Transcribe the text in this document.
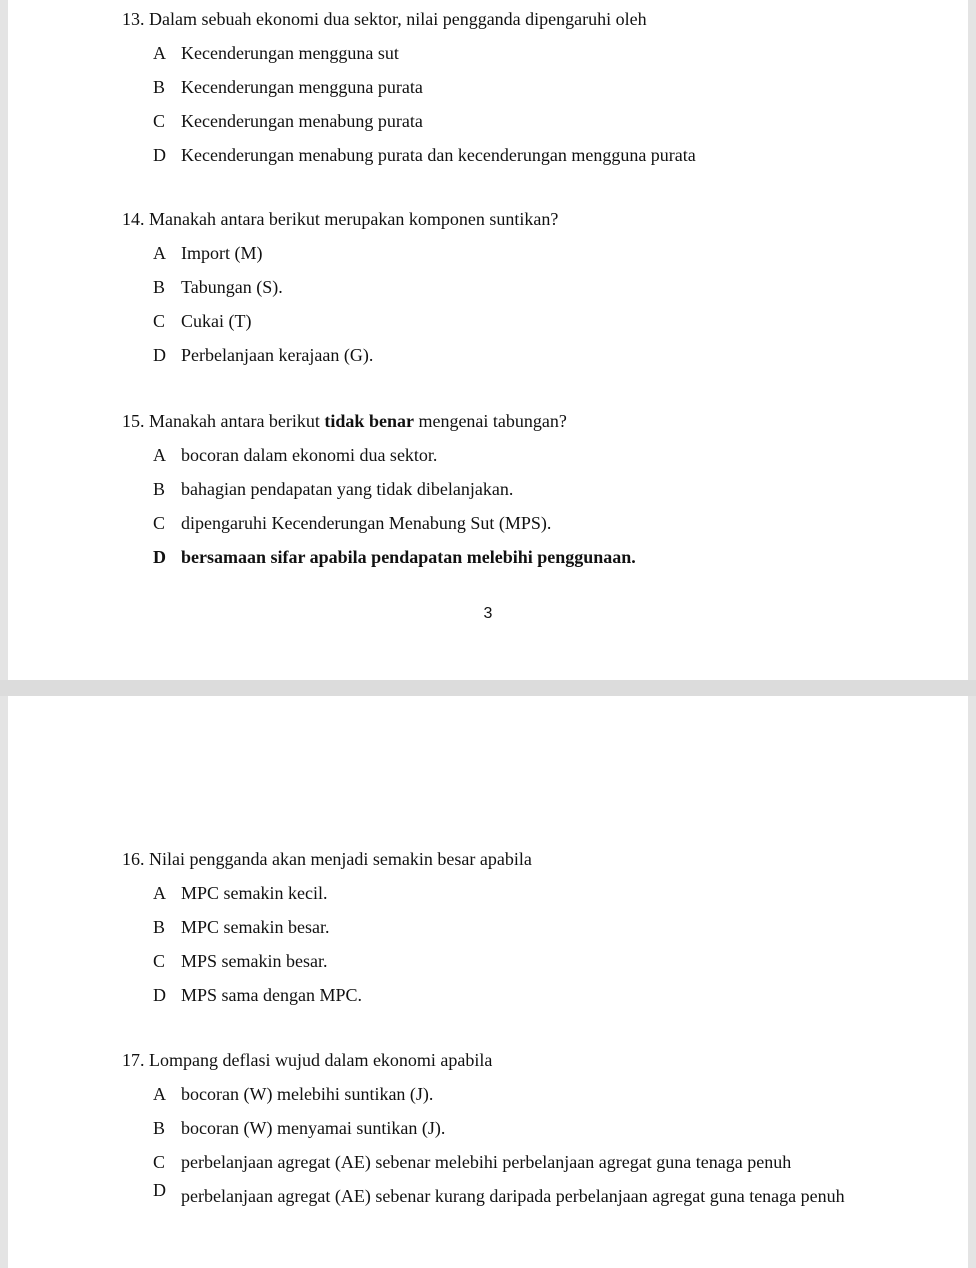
13. Dalam sebuah ekonomi dua sektor, nilai pengganda dipengaruhi oleh

A Kecenderungan mengguna sut
B Kecenderungan mengguna purata
C Kecenderungan menabung purata
D Kecenderungan menabung purata dan kecenderungan mengguna purata

14. Manakah antara berikut merupakan komponen suntikan?

A Import (M)
B Tabungan (S).
C Cukai (T)
D Perbelanjaan kerajaan (G).

15. Manakah antara berikut tidak benar mengenai tabungan?

A bocoran dalam ekonomi dua sektor.
B bahagian pendapatan yang tidak dibelanjakan.
C dipengaruhi Kecenderungan Menabung Sut (MPS).
D bersamaan sifar apabila pendapatan melebihi penggunaan.
3

16. Nilai pengganda akan menjadi semakin besar apabila

A MPC semakin kecil.
B MPC semakin besar.
C MPS semakin besar.
D MPS sama dengan MPC.

17. Lompang deflasi wujud dalam ekonomi apabila

A bocoran (W) melebihi suntikan (J).
B bocoran (W) menyamai suntikan (J).
C perbelanjaan agregat (AE) sebenar melebihi perbelanjaan agregat guna tenaga penuh
D perbelanjaan agregat (AE) sebenar kurang daripada perbelanjaan agregat guna tenaga penuh
